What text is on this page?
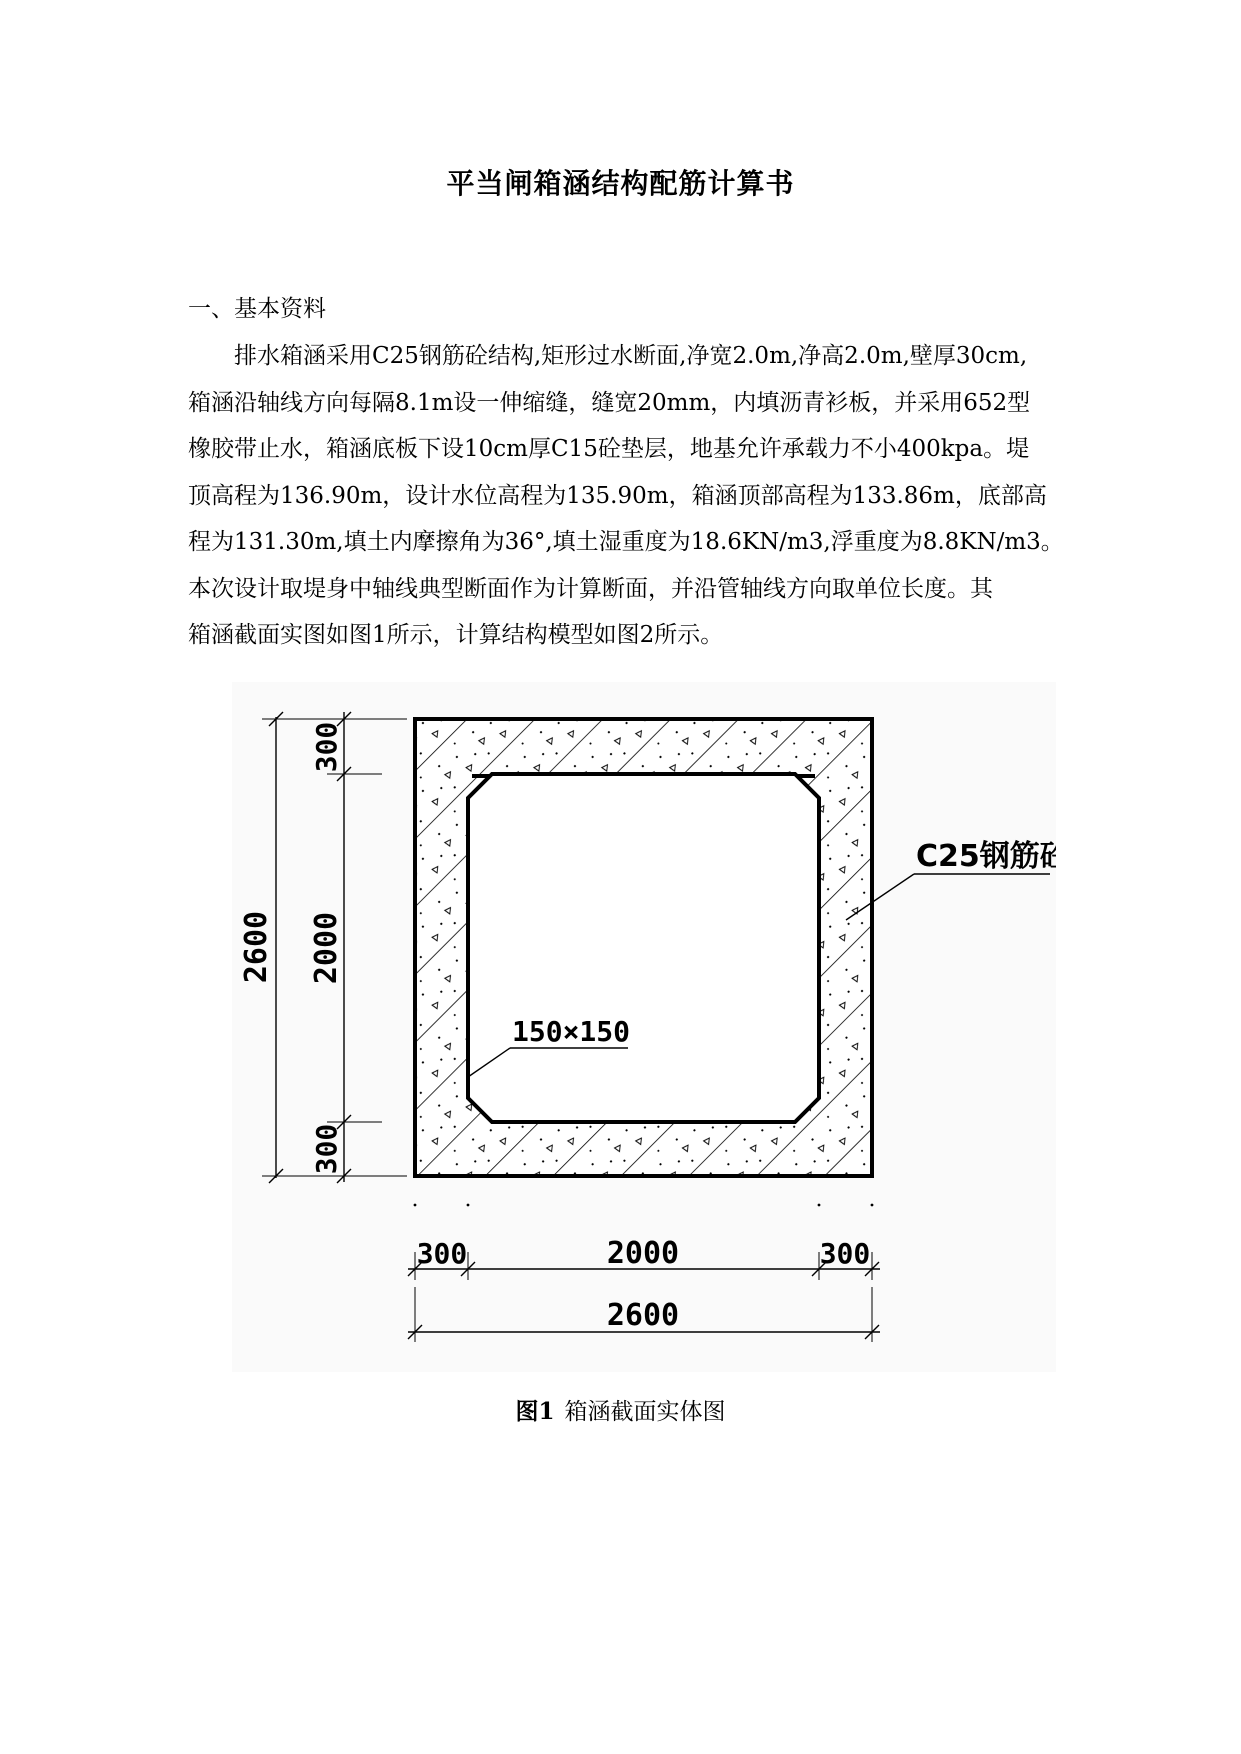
平当闸箱涵结构配筋计算书
一、基本资料

排水箱涵采用C25钢筋砼结构,矩形过水断面,净宽2.0m,净高2.0m,壁厚30cm,
箱涵沿轴线方向每隔8.1m设一伸缩缝，缝宽20mm，内填沥青衫板，并采用652型
橡胶带止水，箱涵底板下设10cm厚C15砼垫层，地基允许承载力不小400kpa。堤
顶高程为136.90m，设计水位高程为135.90m，箱涵顶部高程为133.86m，底部高
程为131.30m,填土内摩擦角为36°,填土湿重度为18.6KN/m3,浮重度为8.8KN/m3。
本次设计取堤身中轴线典型断面作为计算断面，并沿管轴线方向取单位长度。其
箱涵截面实图如图1所示，计算结构模型如图2所示。

2600
300
2000
300
300	2000	300
2600
C25钢筋砼
150×150
图1 箱涵截面实体图
